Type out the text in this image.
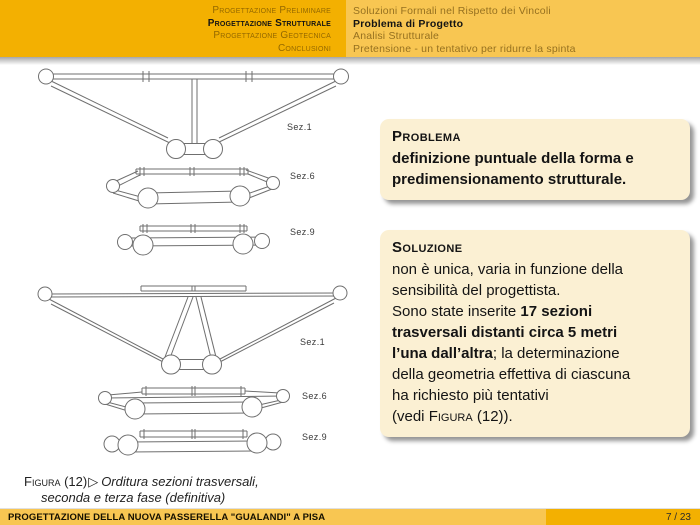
Progettazione Preliminare
Progettazione Strutturale
Progettazione Geotecnica
Conclusioni
Soluzioni Formali nel Rispetto dei Vincoli
Problema di Progetto
Analisi Strutturale
Pretensione - un tentativo per ridurre la spinta
Sez.1
Sez.6
Sez.9
Sez.1
Sez.6
Sez.9
Problema
definizione puntuale della forma e
predimensionamento strutturale.
Soluzione
non è unica, varia in funzione della
sensibilità del progettista.
Sono state inserite 17 sezioni
trasversali distanti circa 5 metri
l’una dall’altra; la determinazione
della geometria effettiva di ciascuna
ha richiesto più tentativi
(vedi Figura (12)).
Figura (12)▷ Orditura sezioni trasversali,
seconda e terza fase (definitiva)
PROGETTAZIONE DELLA NUOVA PASSERELLA "GUALANDI" A PISA	7 / 23
